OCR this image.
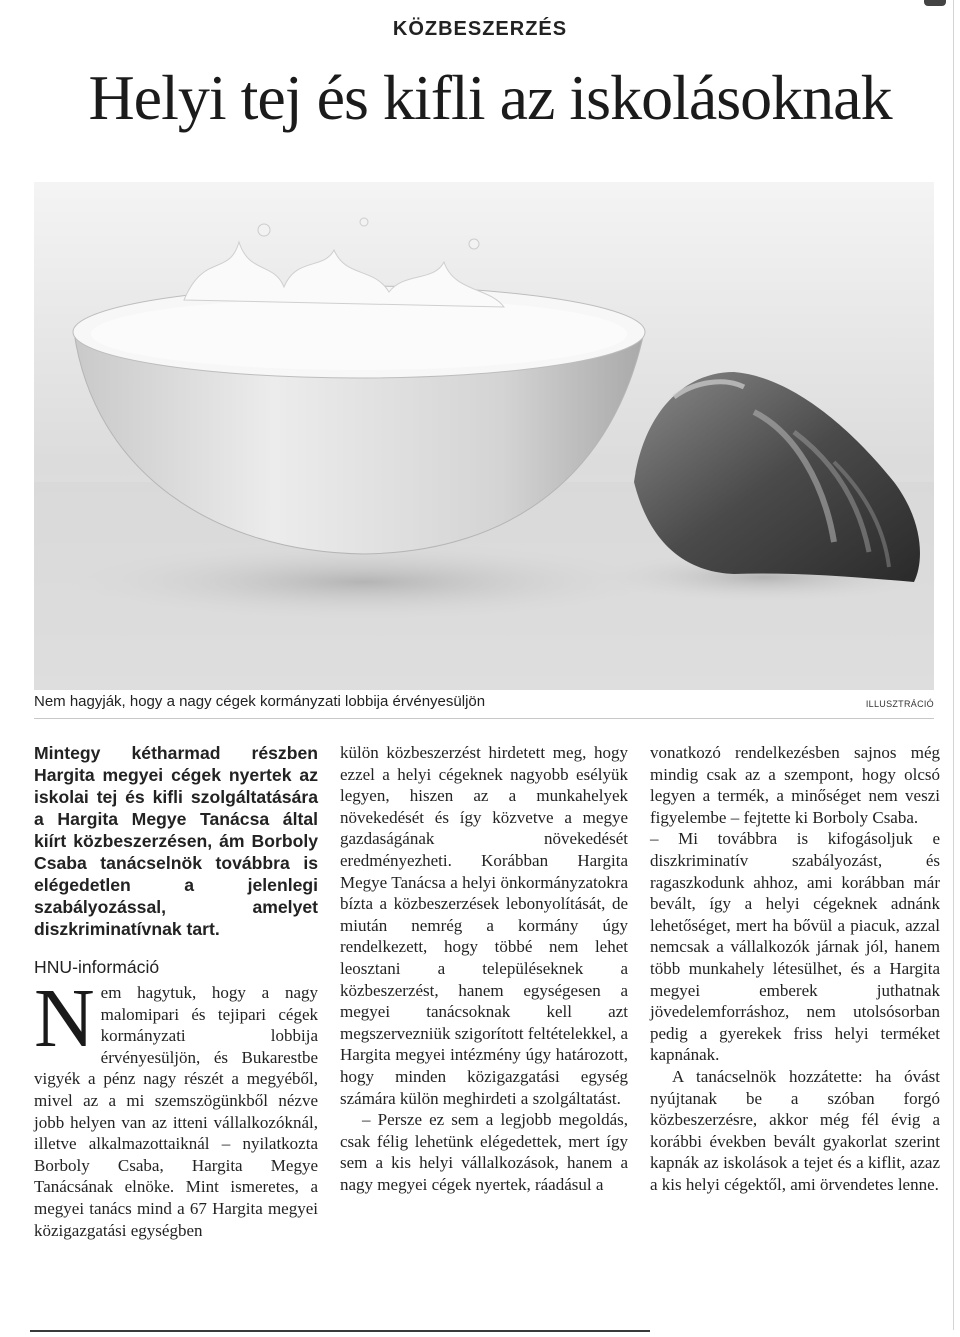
KÖZBESZERZÉS
Helyi tej és kifli az iskolásoknak
Nem hagyják, hogy a nagy cégek kormányzati lobbija érvényesüljön	ILLUSZTRÁCIÓ

Mintegy kétharmad részben Hargita megyei cégek nyertek az iskolai tej és kifli szolgáltatására a Hargita Megye Tanácsa által kiírt közbeszerzésen, ám Borboly Csaba tanácselnök továbbra is elégedetlen a jelenlegi szabályozással, amelyet diszkriminatívnak tart.

HNU-információ

Nem hagytuk, hogy a nagy malomipari és tejipari cégek kormányzati lobbija érvényesüljön, és Bukarestbe vigyék a pénz nagy részét a megyéből, mivel az a mi szemszögünkből nézve jobb helyen van az itteni vállalkozóknál, illetve alkalmazottaiknál – nyilatkozta Borboly Csaba, Hargita Megye Tanácsának elnöke. Mint ismeretes, a megyei tanács mind a 67 Hargita megyei közigazgatási egységben

külön közbeszerzést hirdetett meg, hogy ezzel a helyi cégeknek nagyobb esélyük legyen, hiszen az a munkahelyek növekedését és így közvetve a megye gazdaságának növekedését eredményezheti. Korábban Hargita Megye Tanácsa a helyi önkormányzatokra bízta a közbeszerzések lebonyolítását, de miután nemrég a kormány úgy rendelkezett, hogy többé nem lehet leosztani a településeknek a közbeszerzést, hanem egységesen a megyei tanácsoknak kell azt megszervezniük szigorított feltételekkel, a Hargita megyei intézmény úgy határozott, hogy minden közigazgatási egység számára külön meghirdeti a szolgáltatást.

– Persze ez sem a legjobb megoldás, csak félig lehetünk elégedettek, mert így sem a kis helyi vállalkozások, hanem a nagy megyei cégek nyertek, ráadásul a

vonatkozó rendelkezésben sajnos még mindig csak az a szempont, hogy olcsó legyen a termék, a minőséget nem veszi figyelembe – fejtette ki Borboly Csaba.

– Mi továbbra is kifogásoljuk e diszkriminatív szabályozást, és ragaszkodunk ahhoz, ami korábban már bevált, így a helyi cégeknek adnánk lehetőséget, mert ha bővül a piacuk, azzal nemcsak a vállalkozók járnak jól, hanem több munkahely létesülhet, és a Hargita megyei emberek juthatnak jövedelemforráshoz, nem utolsósorban pedig a gyerekek friss helyi terméket kapnának.

A tanácselnök hozzátette: ha óvást nyújtanak be a szóban forgó közbeszerzésre, akkor még fél évig a korábbi években bevált gyakorlat szerint kapnák az iskolások a tejet és a kiflit, azaz a kis helyi cégektől, ami örvendetes lenne.
